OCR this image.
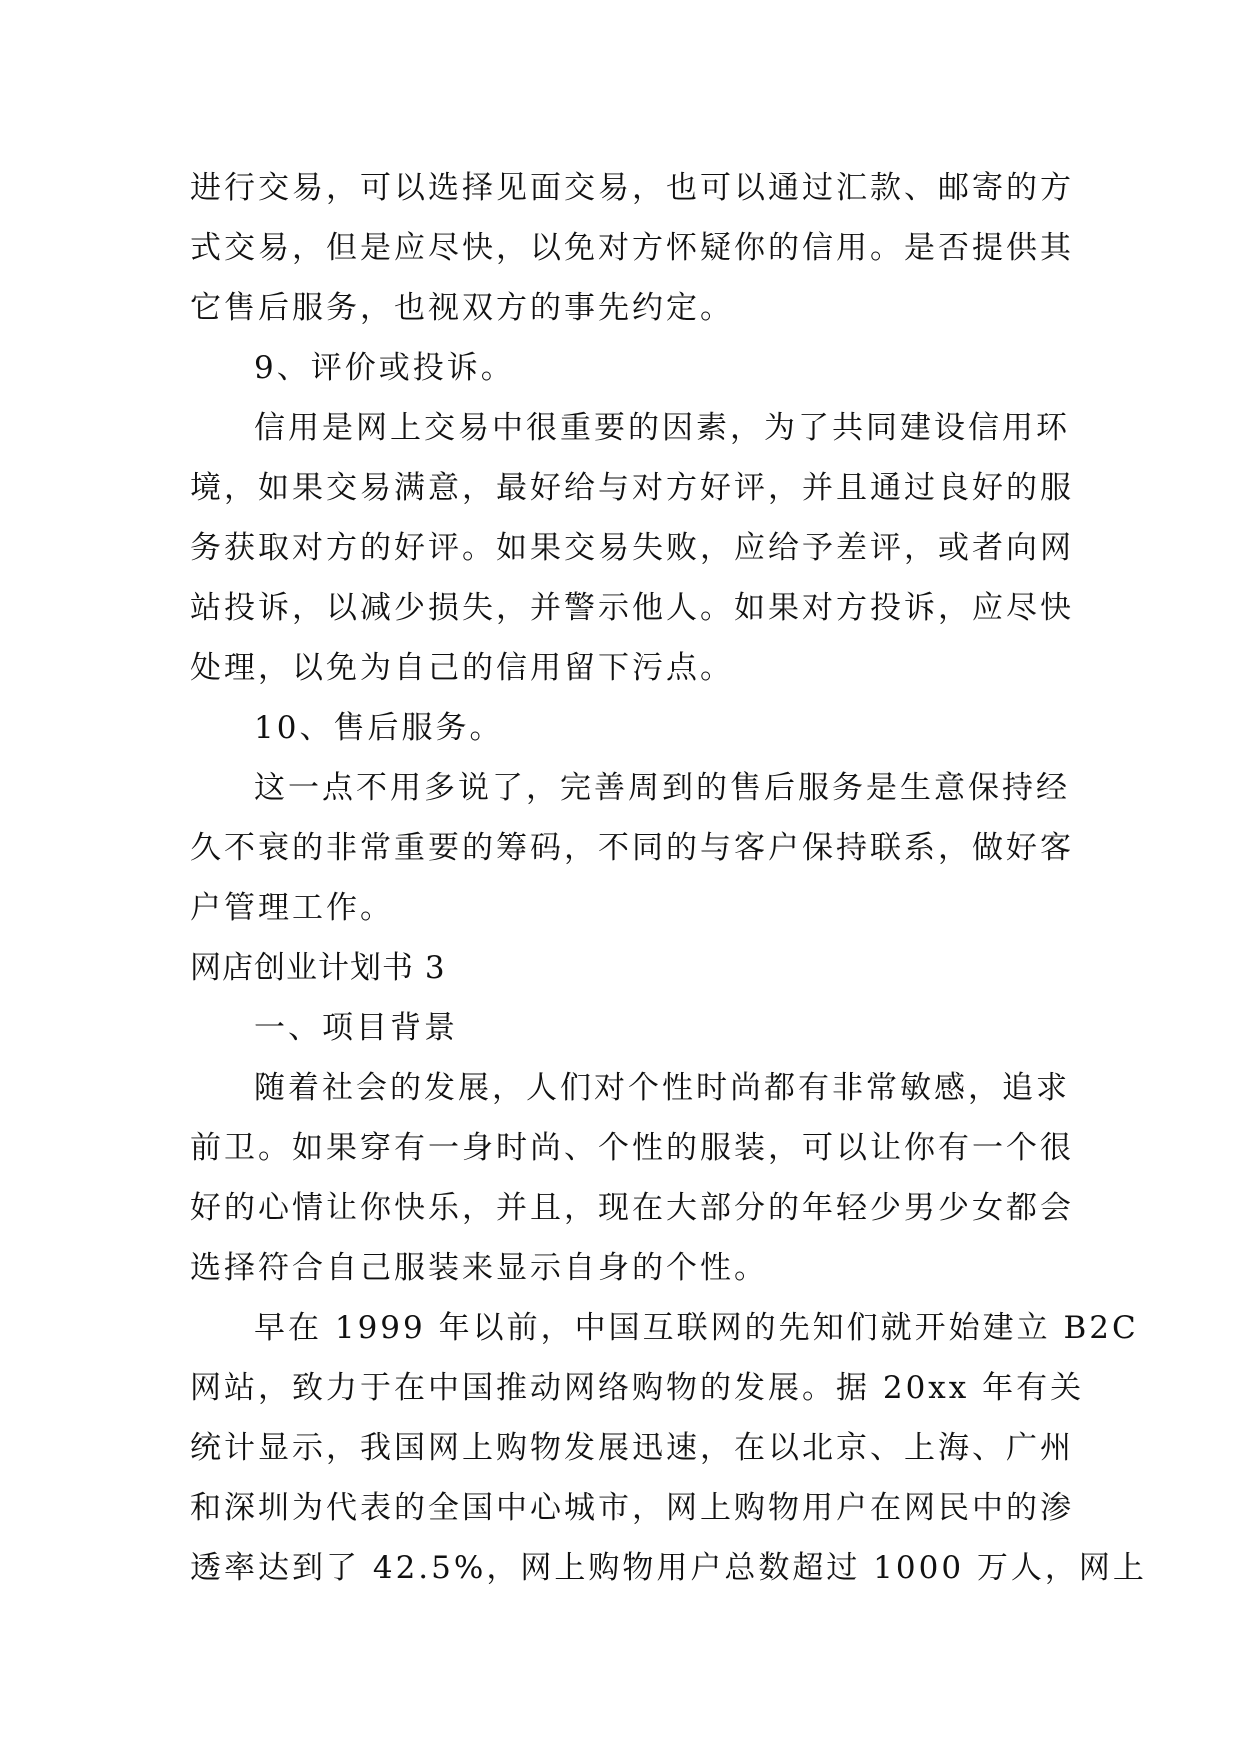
进行交易，可以选择见面交易，也可以通过汇款、邮寄的方
式交易，但是应尽快，以免对方怀疑你的信用。是否提供其
它售后服务，也视双方的事先约定。
9、评价或投诉。
信用是网上交易中很重要的因素，为了共同建设信用环
境，如果交易满意，最好给与对方好评，并且通过良好的服
务获取对方的好评。如果交易失败，应给予差评，或者向网
站投诉，以减少损失，并警示他人。如果对方投诉，应尽快
处理，以免为自己的信用留下污点。
10、售后服务。
这一点不用多说了，完善周到的售后服务是生意保持经
久不衰的非常重要的筹码，不同的与客户保持联系，做好客
户管理工作。
网店创业计划书 3
一、项目背景
随着社会的发展，人们对个性时尚都有非常敏感，追求
前卫。如果穿有一身时尚、个性的服装，可以让你有一个很
好的心情让你快乐，并且，现在大部分的年轻少男少女都会
选择符合自己服装来显示自身的个性。
早在 1999 年以前，中国互联网的先知们就开始建立 B2C
网站，致力于在中国推动网络购物的发展。据 20xx 年有关
统计显示，我国网上购物发展迅速，在以北京、上海、广州
和深圳为代表的全国中心城市，网上购物用户在网民中的渗
透率达到了 42.5%，网上购物用户总数超过 1000 万人，网上
